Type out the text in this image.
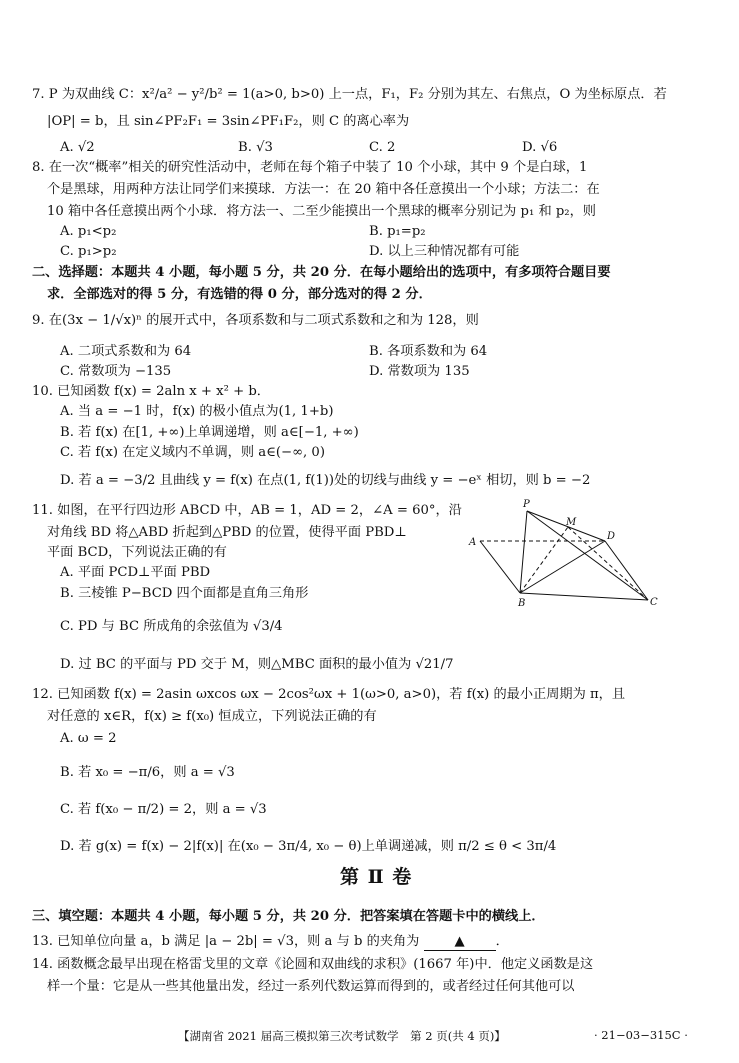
7. P 为双曲线 C：x²/a² − y²/b² = 1(a>0, b>0) 上一点，F₁，F₂ 分别为其左、右焦点，O 为坐标原点．若
|OP| = b，且 sin∠PF₂F₁ = 3sin∠PF₁F₂，则 C 的离心率为
A. √2	B. √3	C. 2	D. √6
8. 在一次“概率”相关的研究性活动中，老师在每个箱子中装了 10 个小球，其中 9 个是白球，1
个是黑球，用两种方法让同学们来摸球．方法一：在 20 箱中各任意摸出一个小球；方法二：在
10 箱中各任意摸出两个小球．将方法一、二至少能摸出一个黑球的概率分别记为 p₁ 和 p₂，则
A. p₁<p₂	B. p₁=p₂
C. p₁>p₂	D. 以上三种情况都有可能
二、选择题：本题共 4 小题，每小题 5 分，共 20 分．在每小题给出的选项中，有多项符合题目要
求．全部选对的得 5 分，有选错的得 0 分，部分选对的得 2 分．
9. 在(3x − 1/√x)ⁿ 的展开式中，各项系数和与二项式系数和之和为 128，则
A. 二项式系数和为 64	B. 各项系数和为 64
C. 常数项为 −135	D. 常数项为 135
10. 已知函数 f(x) = 2aln x + x² + b．
A. 当 a = −1 时，f(x) 的极小值点为(1, 1+b)
B. 若 f(x) 在[1, +∞)上单调递增，则 a∈[−1, +∞)
C. 若 f(x) 在定义域内不单调，则 a∈(−∞, 0)
D. 若 a = −3/2 且曲线 y = f(x) 在点(1, f(1))处的切线与曲线 y = −eˣ 相切，则 b = −2
11. 如图，在平行四边形 ABCD 中，AB = 1，AD = 2，∠A = 60°，沿
对角线 BD 将△ABD 折起到△PBD 的位置，使得平面 PBD⊥
平面 BCD，下列说法正确的有
A. 平面 PCD⊥平面 PBD
B. 三棱锥 P−BCD 四个面都是直角三角形
C. PD 与 BC 所成角的余弦值为 √3/4
D. 过 BC 的平面与 PD 交于 M，则△MBC 面积的最小值为 √21/7
P
M
A
D
B	C
12. 已知函数 f(x) = 2asin ωxcos ωx − 2cos²ωx + 1(ω>0, a>0)，若 f(x) 的最小正周期为 π，且
对任意的 x∈R，f(x) ≥ f(x₀) 恒成立，下列说法正确的有
A. ω = 2
B. 若 x₀ = −π/6，则 a = √3
C. 若 f(x₀ − π/2) = 2，则 a = √3
D. 若 g(x) = f(x) − 2|f(x)| 在(x₀ − 3π/4, x₀ − θ)上单调递减，则 π/2 ≤ θ < 3π/4
第 Ⅱ 卷
三、填空题：本题共 4 小题，每小题 5 分，共 20 分．把答案填在答题卡中的横线上．
13. 已知单位向量 a，b 满足 |a − 2b| = √3，则 a 与 b 的夹角为	▲ ．
14. 函数概念最早出现在格雷戈里的文章《论圆和双曲线的求积》(1667 年)中．他定义函数是这
样一个量：它是从一些其他量出发，经过一系列代数运算而得到的，或者经过任何其他可以
【湖南省 2021 届高三模拟第三次考试数学　第 2 页(共 4 页)】	· 21−03−315C ·
